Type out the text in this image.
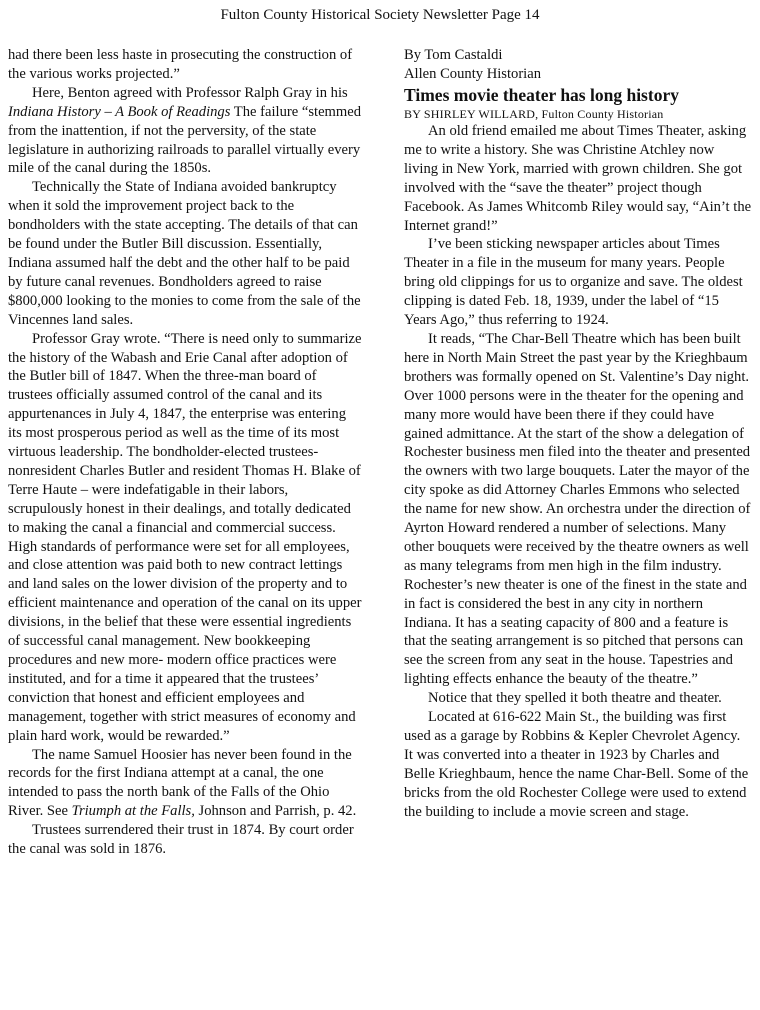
Fulton County Historical Society Newsletter Page 14

had there been less haste in prosecuting the construction of the various works projected.”

Here, Benton agreed with Professor Ralph Gray in his Indiana History – A Book of Readings The failure “stemmed from the inattention, if not the perversity, of the state legislature in authorizing railroads to parallel virtually every mile of the canal during the 1850s.

Technically the State of Indiana avoided bankruptcy when it sold the improvement project back to the bondholders with the state accepting. The details of that can be found under the Butler Bill discussion. Essentially, Indiana assumed half the debt and the other half to be paid by future canal revenues. Bondholders agreed to raise $800,000 looking to the monies to come from the sale of the Vincennes land sales.

Professor Gray wrote. “There is need only to summarize the history of the Wabash and Erie Canal after adoption of the Butler bill of 1847. When the three-man board of trustees officially assumed control of the canal and its appurtenances in July 4, 1847, the enterprise was entering its most prosperous period as well as the time of its most virtuous leadership. The bondholder-elected trustees- nonresident Charles Butler and resident Thomas H. Blake of Terre Haute – were indefatigable in their labors, scrupulously honest in their dealings, and totally dedicated to making the canal a financial and commercial success. High standards of performance were set for all employees, and close attention was paid both to new contract lettings and land sales on the lower division of the property and to efficient maintenance and operation of the canal on its upper divisions, in the belief that these were essential ingredients of successful canal management. New bookkeeping procedures and new more- modern office practices were instituted, and for a time it appeared that the trustees’ conviction that honest and efficient employees and management, together with strict measures of economy and plain hard work, would be rewarded.”

The name Samuel Hoosier has never been found in the records for the first Indiana attempt at a canal, the one intended to pass the north bank of the Falls of the Ohio River. See Triumph at the Falls, Johnson and Parrish, p. 42.

Trustees surrendered their trust in 1874. By court order the canal was sold in 1876.

By Tom Castaldi

Allen County Historian

Times movie theater has long history

BY SHIRLEY WILLARD, Fulton County Historian

An old friend emailed me about Times Theater, asking me to write a history. She was Christine Atchley now living in New York, married with grown children. She got involved with the “save the theater” project though Facebook. As James Whitcomb Riley would say, “Ain’t the Internet grand!”

I’ve been sticking newspaper articles about Times Theater in a file in the museum for many years. People bring old clippings for us to organize and save. The oldest clipping is dated Feb. 18, 1939, under the label of “15 Years Ago,” thus referring to 1924.

It reads, “The Char-Bell Theatre which has been built here in North Main Street the past year by the Krieghbaum brothers was formally opened on St. Valentine’s Day night. Over 1000 persons were in the theater for the opening and many more would have been there if they could have gained admittance. At the start of the show a delegation of Rochester business men filed into the theater and presented the owners with two large bouquets. Later the mayor of the city spoke as did Attorney Charles Emmons who selected the name for new show. An orchestra under the direction of Ayrton Howard rendered a number of selections. Many other bouquets were received by the theatre owners as well as many telegrams from men high in the film industry. Rochester’s new theater is one of the finest in the state and in fact is considered the best in any city in northern Indiana. It has a seating capacity of 800 and a feature is that the seating arrangement is so pitched that persons can see the screen from any seat in the house. Tapestries and lighting effects enhance the beauty of the theatre.”

Notice that they spelled it both theatre and theater.

Located at 616-622 Main St., the building was first used as a garage by Robbins & Kepler Chevrolet Agency. It was converted into a theater in 1923 by Charles and Belle Krieghbaum, hence the name Char-Bell. Some of the bricks from the old Rochester College were used to extend the building to include a movie screen and stage.
